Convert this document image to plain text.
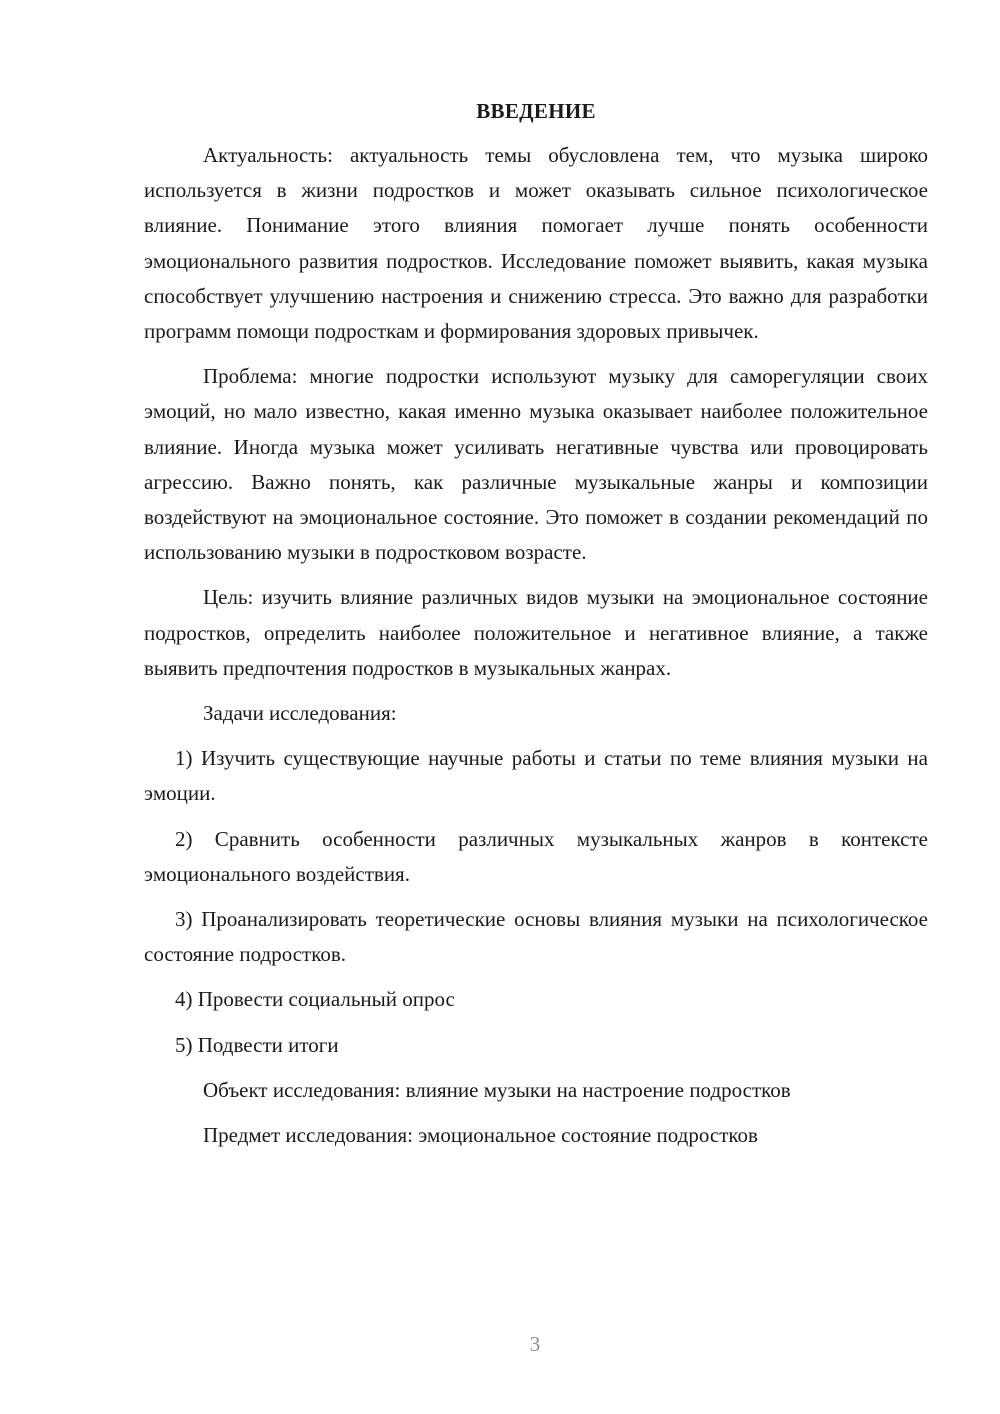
ВВЕДЕНИЕ

Актуальность: актуальность темы обусловлена тем, что музыка широко используется в жизни подростков и может оказывать сильное психологическое влияние. Понимание этого влияния помогает лучше понять особенности эмоционального развития подростков. Исследование поможет выявить, какая музыка способствует улучшению настроения и снижению стресса. Это важно для разработки программ помощи подросткам и формирования здоровых привычек.

Проблема: многие подростки используют музыку для саморегуляции своих эмоций, но мало известно, какая именно музыка оказывает наиболее положительное влияние. Иногда музыка может усиливать негативные чувства или провоцировать агрессию. Важно понять, как различные музыкальные жанры и композиции воздействуют на эмоциональное состояние. Это поможет в создании рекомендаций по использованию музыки в подростковом возрасте.

Цель: изучить влияние различных видов музыки на эмоциональное состояние подростков, определить наиболее положительное и негативное влияние, а также выявить предпочтения подростков в музыкальных жанрах.

Задачи исследования:

1) Изучить существующие научные работы и статьи по теме влияния музыки на эмоции.

2) Сравнить особенности различных музыкальных жанров в контексте эмоционального воздействия.

3) Проанализировать теоретические основы влияния музыки на психологическое состояние подростков.

4) Провести социальный опрос

5) Подвести итоги

Объект исследования: влияние музыки на настроение подростков

Предмет исследования: эмоциональное состояние подростков

3
